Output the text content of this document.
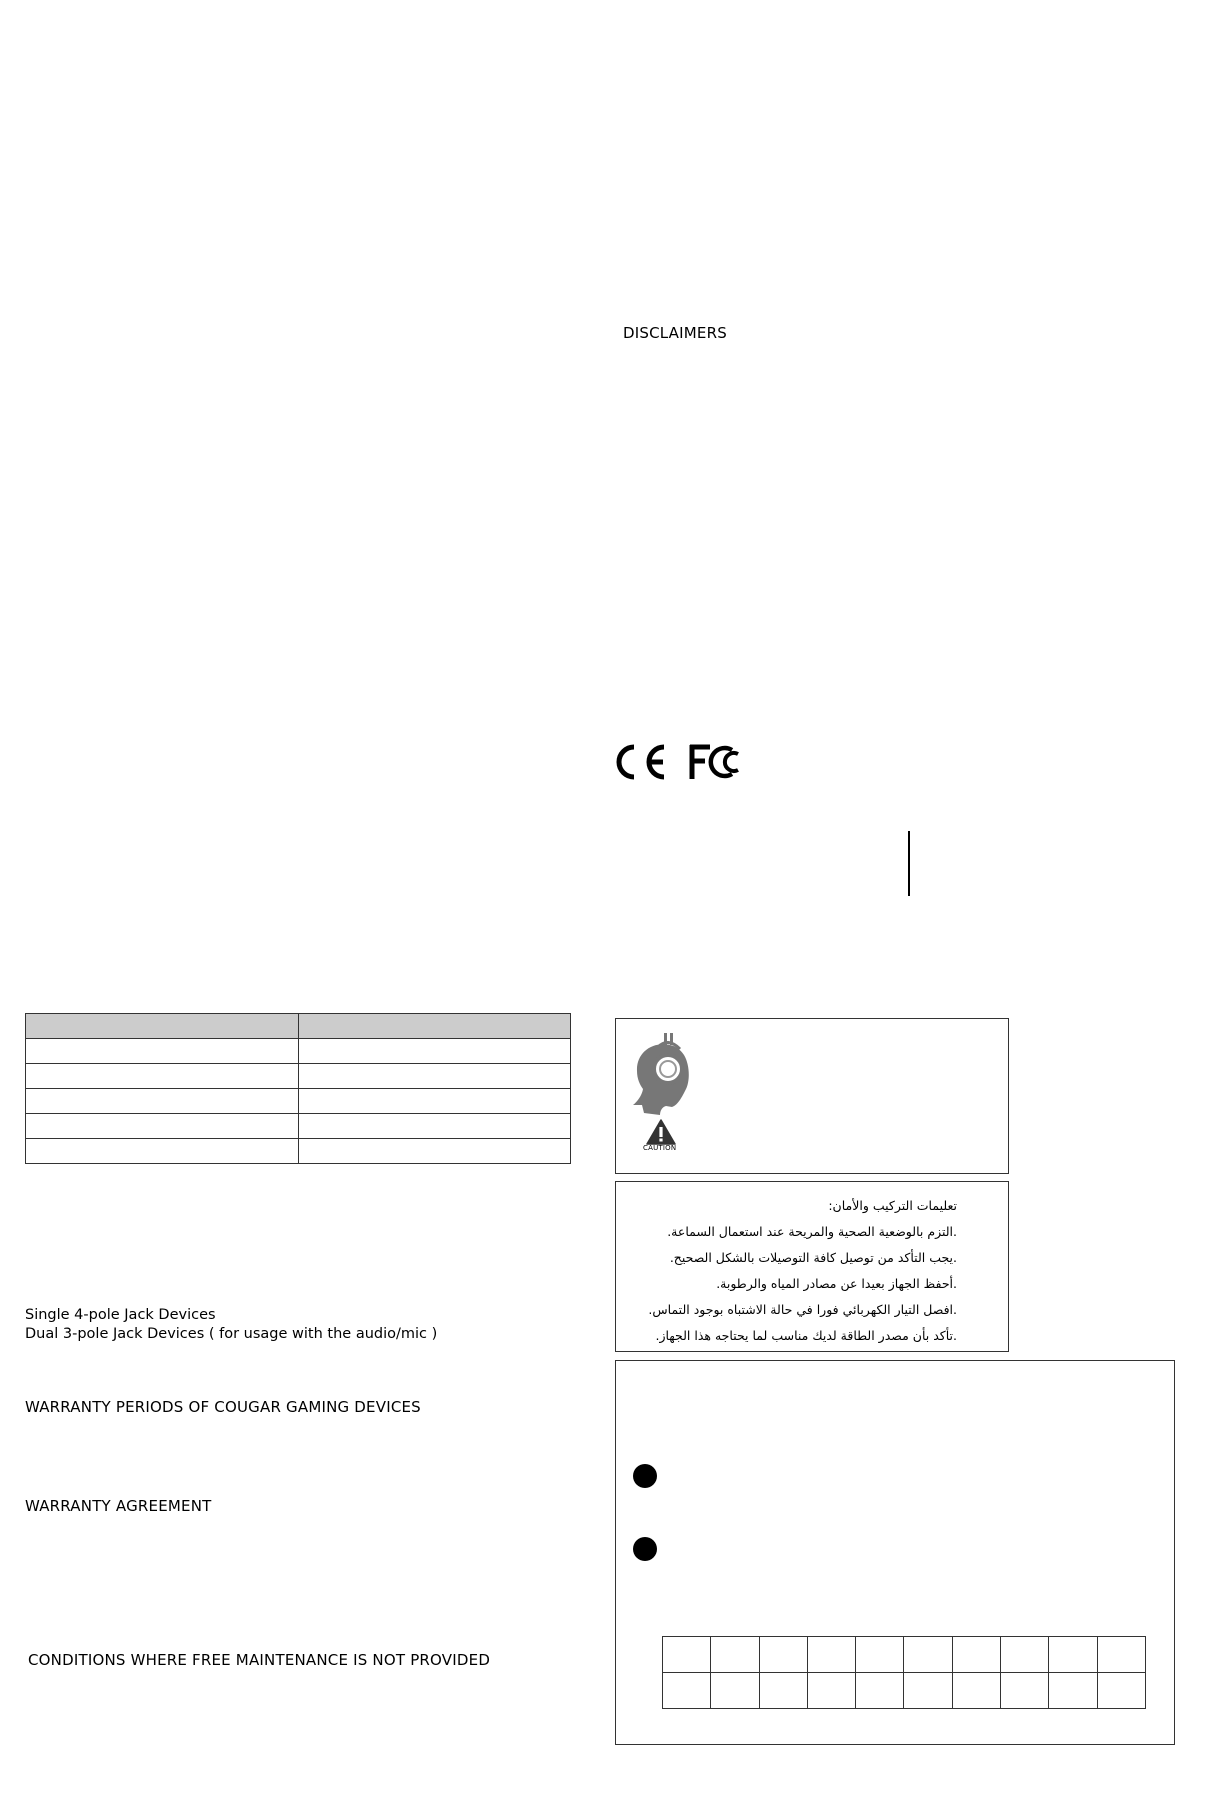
DISCLAIMERS

Single 4-pole Jack Devices
Dual 3-pole Jack Devices ( for usage with the audio/mic )
WARRANTY PERIODS OF COUGAR GAMING DEVICES
WARRANTY AGREEMENT
CONDITIONS WHERE FREE MAINTENANCE IS NOT PROVIDED
CAUTION
تعليمات التركيب والأمان:
.التزم بالوضعية الصحية والمريحة عند استعمال السماعة.
.يجب التأكد من توصيل كافة التوصيلات بالشكل الصحيح.
.أحفظ الجهاز بعيدا عن مصادر المياه والرطوبة.
.افصل التيار الكهربائي فورا في حالة الاشتباه بوجود التماس.
.تأكد بأن مصدر الطاقة لديك مناسب لما يحتاجه هذا الجهاز.
